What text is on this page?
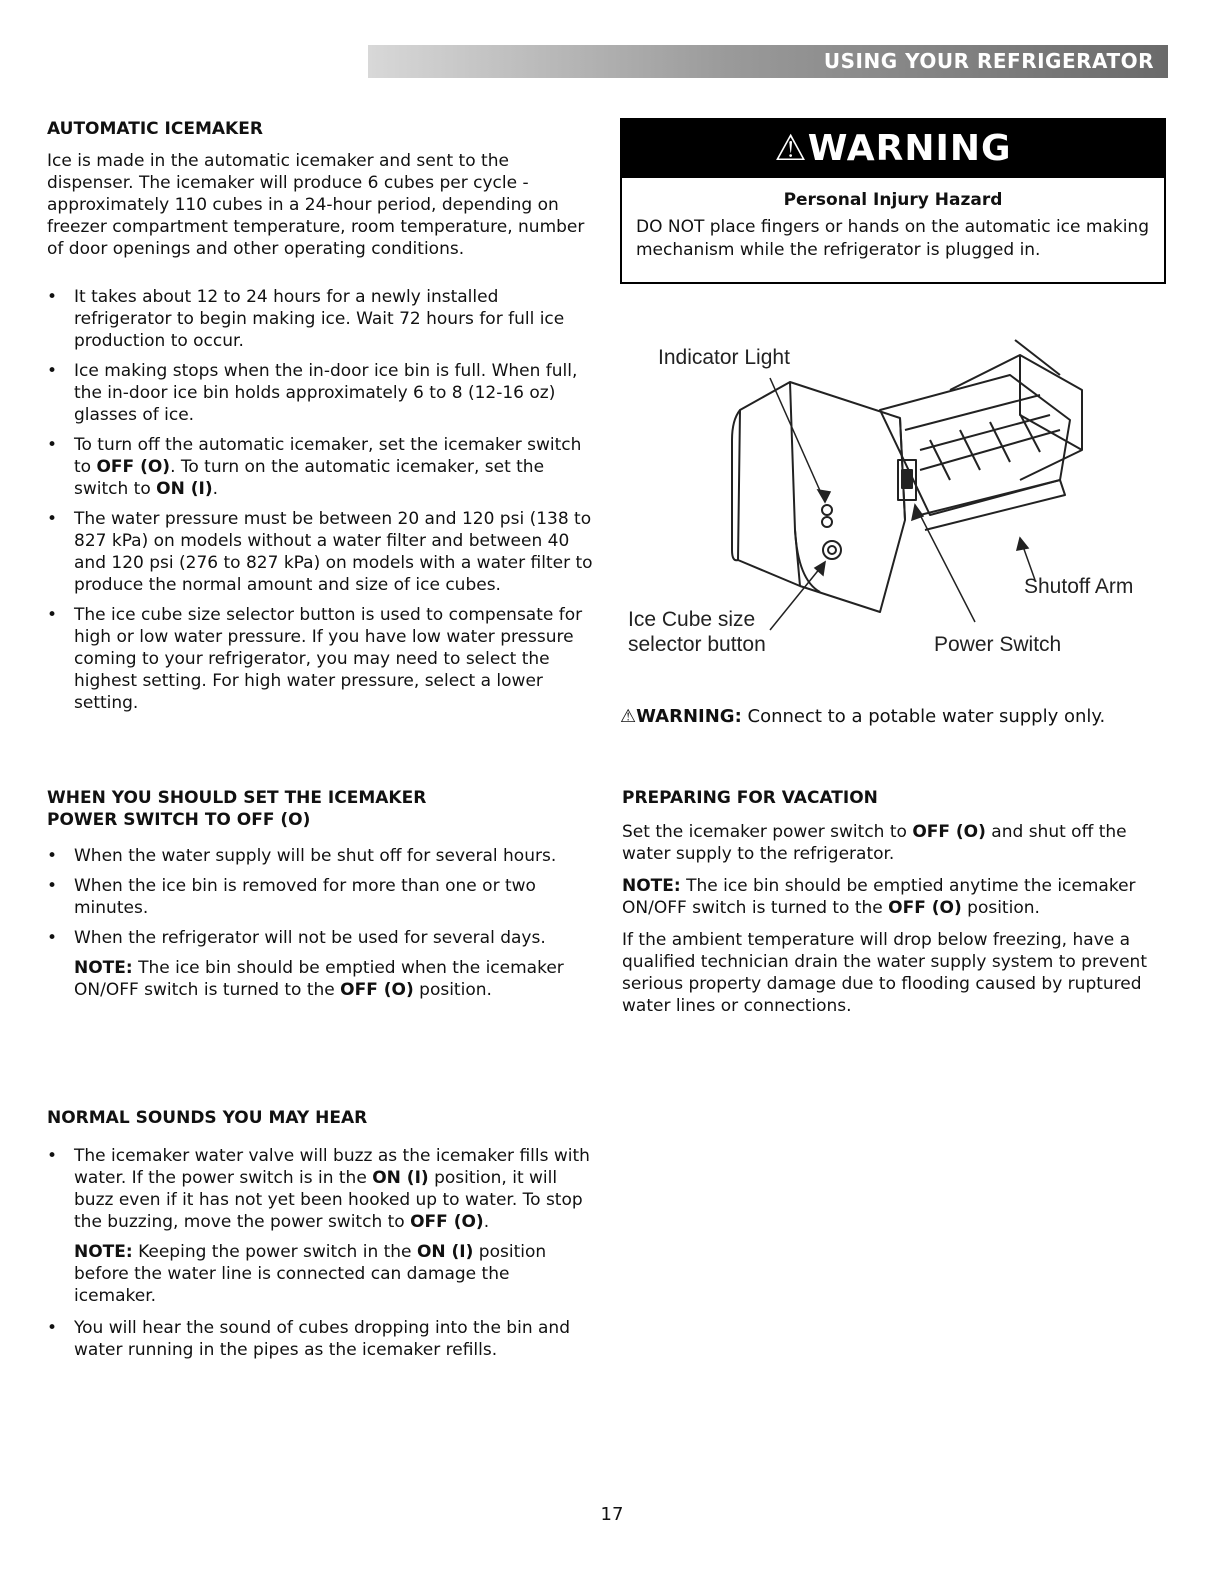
USING YOUR REFRIGERATOR
AUTOMATIC ICEMAKER

Ice is made in the automatic icemaker and sent to the dispenser. The icemaker will produce 6 cubes per cycle - approximately 110 cubes in a 24-hour period, depending on freezer compartment temperature, room temperature, number of door openings and other operating conditions.

• It takes about 12 to 24 hours for a newly installed refrigerator to begin making ice. Wait 72 hours for full ice production to occur.
• Ice making stops when the in-door ice bin is full. When full, the in-door ice bin holds approximately 6 to 8 (12-16 oz) glasses of ice.
• To turn off the automatic icemaker, set the icemaker switch to OFF (O). To turn on the automatic icemaker, set the switch to ON (I).
• The water pressure must be between 20 and 120 psi (138 to 827 kPa) on models without a water filter and between 40 and 120 psi (276 to 827 kPa) on models with a water filter to produce the normal amount and size of ice cubes.
• The ice cube size selector button is used to compensate for high or low water pressure. If you have low water pressure coming to your refrigerator, you may need to select the highest setting. For high water pressure, select a lower setting.
⚠WARNING
Personal Injury Hazard
DO NOT place fingers or hands on the automatic ice making mechanism while the refrigerator is plugged in.
Indicator Light
Shutoff Arm
Ice Cube size
selector button	Power Switch
⚠WARNING: Connect to a potable water supply only.
WHEN YOU SHOULD SET THE ICEMAKER
POWER SWITCH TO OFF (O)
• When the water supply will be shut off for several hours.
• When the ice bin is removed for more than one or two minutes.
• When the refrigerator will not be used for several days.

NOTE: The ice bin should be emptied when the icemaker ON/OFF switch is turned to the OFF (O) position.

PREPARING FOR VACATION

Set the icemaker power switch to OFF (O) and shut off the water supply to the refrigerator.

NOTE: The ice bin should be emptied anytime the icemaker ON/OFF switch is turned to the OFF (O) position.

If the ambient temperature will drop below freezing, have a qualified technician drain the water supply system to prevent serious property damage due to flooding caused by ruptured water lines or connections.

NORMAL SOUNDS YOU MAY HEAR
• The icemaker water valve will buzz as the icemaker fills with water. If the power switch is in the ON (I) position, it will buzz even if it has not yet been hooked up to water. To stop the buzzing, move the power switch to OFF (O).

NOTE: Keeping the power switch in the ON (I) position before the water line is connected can damage the icemaker.

• You will hear the sound of cubes dropping into the bin and water running in the pipes as the icemaker refills.
17
